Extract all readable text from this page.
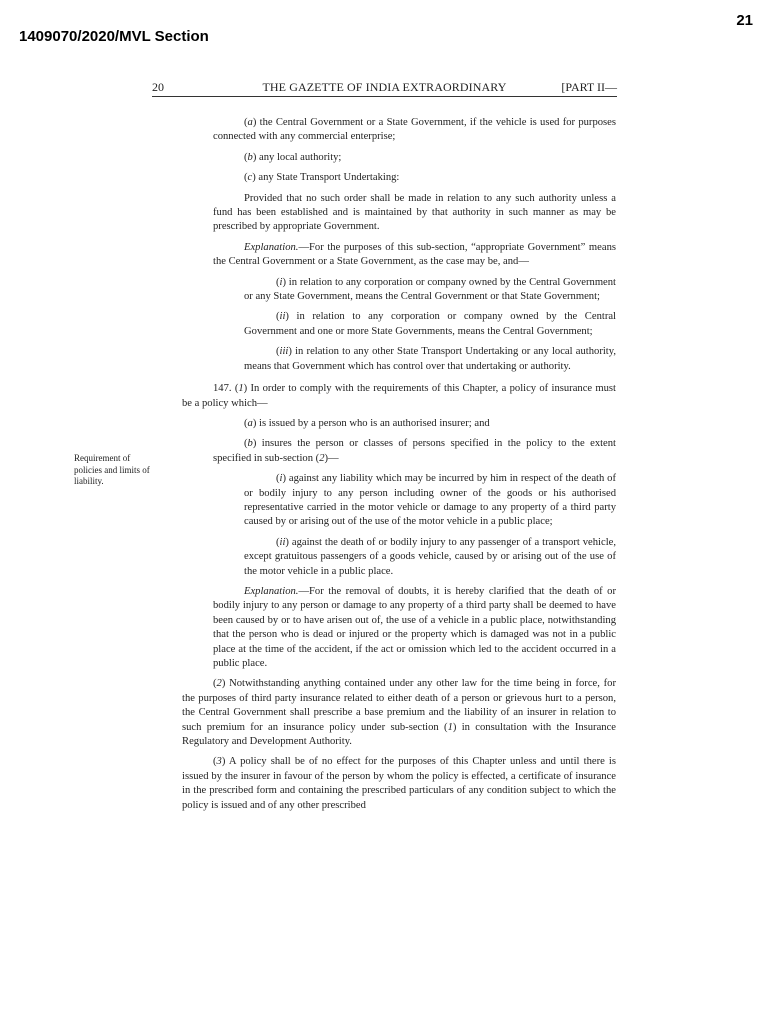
21
1409070/2020/MVL Section
20	THE GAZETTE OF INDIA EXTRAORDINARY	[PART II—
Requirement of policies and limits of liability.

(a) the Central Government or a State Government, if the vehicle is used for purposes connected with any commercial enterprise;

(b) any local authority;

(c) any State Transport Undertaking:

Provided that no such order shall be made in relation to any such authority unless a fund has been established and is maintained by that authority in such manner as may be prescribed by appropriate Government.

Explanation.—For the purposes of this sub-section, “appropriate Government” means the Central Government or a State Government, as the case may be, and—

(i) in relation to any corporation or company owned by the Central Government or any State Government, means the Central Government or that State Government;

(ii) in relation to any corporation or company owned by the Central Government and one or more State Governments, means the Central Government;

(iii) in relation to any other State Transport Undertaking or any local authority, means that Government which has control over that undertaking or authority.

147. (1) In order to comply with the requirements of this Chapter, a policy of insurance must be a policy which—

(a) is issued by a person who is an authorised insurer; and

(b) insures the person or classes of persons specified in the policy to the extent specified in sub-section (2)—

(i) against any liability which may be incurred by him in respect of the death of or bodily injury to any person including owner of the goods or his authorised representative carried in the motor vehicle or damage to any property of a third party caused by or arising out of the use of the motor vehicle in a public place;

(ii) against the death of or bodily injury to any passenger of a transport vehicle, except gratuitous passengers of a goods vehicle, caused by or arising out of the use of the motor vehicle in a public place.

Explanation.—For the removal of doubts, it is hereby clarified that the death of or bodily injury to any person or damage to any property of a third party shall be deemed to have been caused by or to have arisen out of, the use of a vehicle in a public place, notwithstanding that the person who is dead or injured or the property which is damaged was not in a public place at the time of the accident, if the act or omission which led to the accident occurred in a public place.

(2) Notwithstanding anything contained under any other law for the time being in force, for the purposes of third party insurance related to either death of a person or grievous hurt to a person, the Central Government shall prescribe a base premium and the liability of an insurer in relation to such premium for an insurance policy under sub-section (1) in consultation with the Insurance Regulatory and Development Authority.

(3) A policy shall be of no effect for the purposes of this Chapter unless and until there is issued by the insurer in favour of the person by whom the policy is effected, a certificate of insurance in the prescribed form and containing the prescribed particulars of any condition subject to which the policy is issued and of any other prescribed
